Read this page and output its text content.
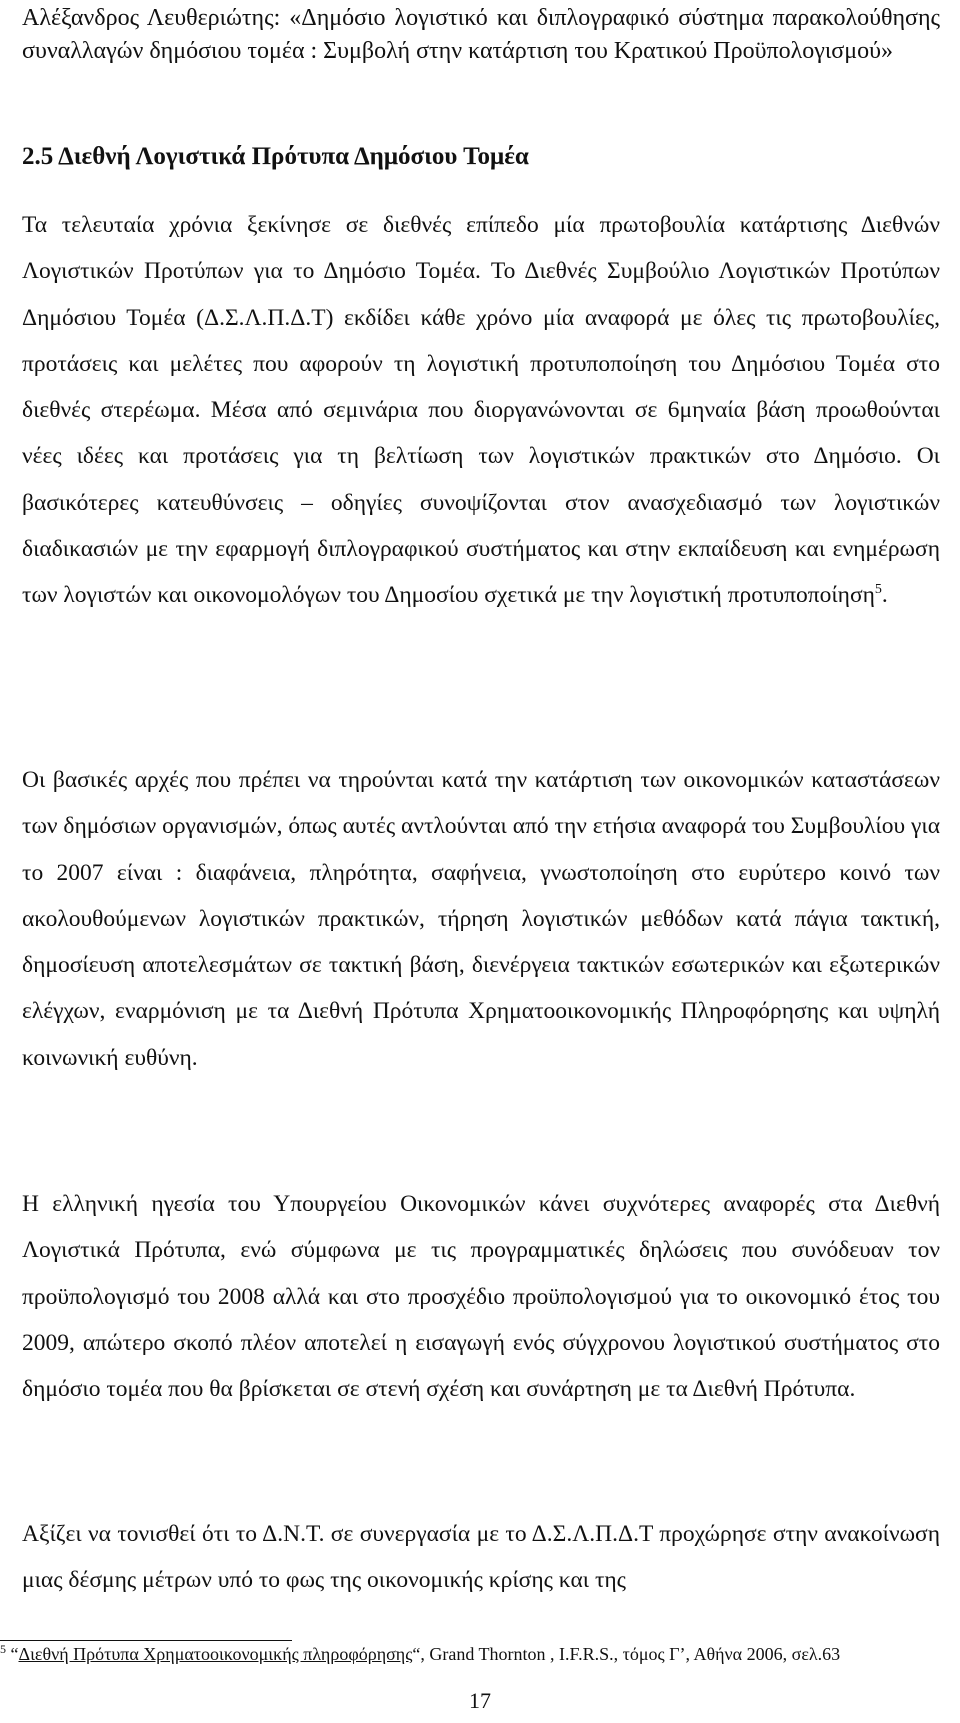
Αλέξανδρος Λευθεριώτης: «Δημόσιο λογιστικό και διπλογραφικό σύστημα παρακολούθησης συναλλαγών δημόσιου τομέα : Συμβολή στην κατάρτιση του Κρατικού Προϋπολογισμού»
2.5 Διεθνή Λογιστικά Πρότυπα Δημόσιου Τομέα

Τα τελευταία χρόνια ξεκίνησε σε διεθνές επίπεδο μία πρωτοβουλία κατάρτισης Διεθνών Λογιστικών Προτύπων για το Δημόσιο Τομέα. Το Διεθνές Συμβούλιο Λογιστικών Προτύπων Δημόσιου Τομέα (Δ.Σ.Λ.Π.Δ.Τ) εκδίδει κάθε χρόνο μία αναφορά με όλες τις πρωτοβουλίες, προτάσεις και μελέτες που αφορούν τη λογιστική προτυποποίηση του Δημόσιου Τομέα στο διεθνές στερέωμα. Μέσα από σεμινάρια που διοργανώνονται σε 6μηναία βάση προωθούνται νέες ιδέες και προτάσεις για τη βελτίωση των λογιστικών πρακτικών στο Δημόσιο. Οι βασικότερες κατευθύνσεις – οδηγίες συνοψίζονται στον ανασχεδιασμό των λογιστικών διαδικασιών με την εφαρμογή διπλογραφικού συστήματος και στην εκπαίδευση και ενημέρωση των λογιστών και οικονομολόγων του Δημοσίου σχετικά με την λογιστική προτυποποίηση$^5$.

Οι βασικές αρχές που πρέπει να τηρούνται κατά την κατάρτιση των οικονομικών καταστάσεων των δημόσιων οργανισμών, όπως αυτές αντλούνται από την ετήσια αναφορά του Συμβουλίου για το 2007 είναι : διαφάνεια, πληρότητα, σαφήνεια, γνωστοποίηση στο ευρύτερο κοινό των ακολουθούμενων λογιστικών πρακτικών, τήρηση λογιστικών μεθόδων κατά πάγια τακτική, δημοσίευση αποτελεσμάτων σε τακτική βάση, διενέργεια τακτικών εσωτερικών και εξωτερικών ελέγχων, εναρμόνιση με τα Διεθνή Πρότυπα Χρηματοοικονομικής Πληροφόρησης και υψηλή κοινωνική ευθύνη.

Η ελληνική ηγεσία του Υπουργείου Οικονομικών κάνει συχνότερες αναφορές στα Διεθνή Λογιστικά Πρότυπα, ενώ σύμφωνα με τις προγραμματικές δηλώσεις που συνόδευαν τον προϋπολογισμό του 2008 αλλά και στο προσχέδιο προϋπολογισμού για το οικονομικό έτος του 2009, απώτερο σκοπό πλέον αποτελεί η εισαγωγή ενός σύγχρονου λογιστικού συστήματος στο δημόσιο τομέα που θα βρίσκεται σε στενή σχέση και συνάρτηση με τα Διεθνή Πρότυπα.

Αξίζει να τονισθεί ότι το Δ.Ν.Τ. σε συνεργασία με το Δ.Σ.Λ.Π.Δ.Τ προχώρησε στην ανακοίνωση μιας δέσμης μέτρων υπό το φως της οικονομικής κρίσης και της

$^5$ “Διεθνή Πρότυπα Χρηματοοικονομικής πληροφόρησης“, Grand Thornton , I.F.R.S., τόμος Γ’, Αθήνα 2006, σελ.63
17
